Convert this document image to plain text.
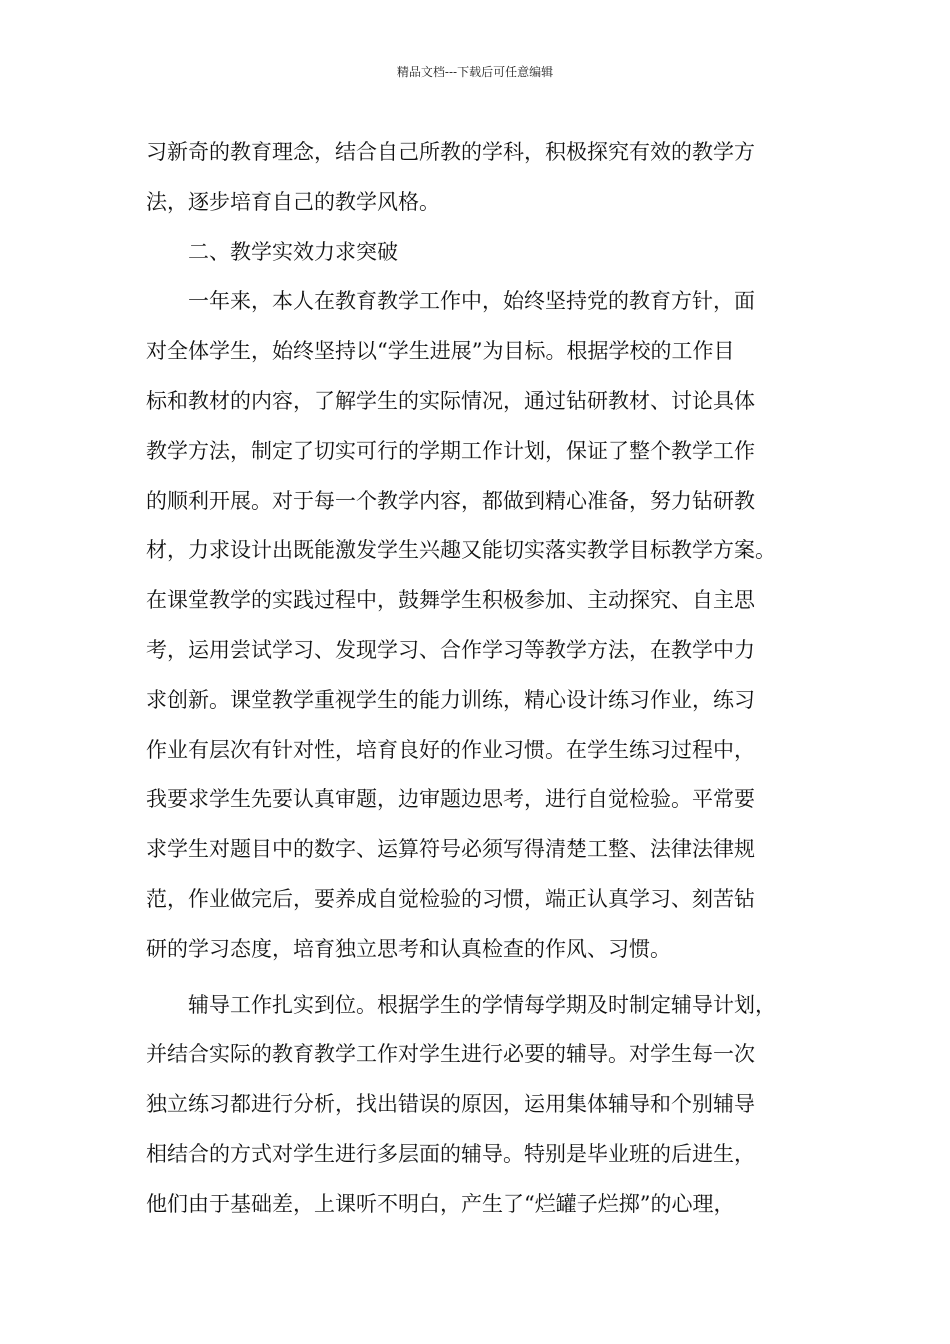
精品文档---下载后可任意编辑
习新奇的教育理念，结合自己所教的学科，积极探究有效的教学方
法，逐步培育自己的教学风格。
二、教学实效力求突破
一年来，本人在教育教学工作中，始终坚持党的教育方针，面
对全体学生，始终坚持以“学生进展”为目标。根据学校的工作目
标和教材的内容，了解学生的实际情况，通过钻研教材、讨论具体
教学方法，制定了切实可行的学期工作计划，保证了整个教学工作
的顺利开展。对于每一个教学内容，都做到精心准备，努力钻研教
材，力求设计出既能激发学生兴趣又能切实落实教学目标教学方案。
在课堂教学的实践过程中，鼓舞学生积极参加、主动探究、自主思
考，运用尝试学习、发现学习、合作学习等教学方法，在教学中力
求创新。课堂教学重视学生的能力训练，精心设计练习作业，练习
作业有层次有针对性，培育良好的作业习惯。在学生练习过程中，
我要求学生先要认真审题，边审题边思考，进行自觉检验。平常要
求学生对题目中的数字、运算符号必须写得清楚工整、法律法律规
范，作业做完后，要养成自觉检验的习惯，端正认真学习、刻苦钻
研的学习态度，培育独立思考和认真检查的作风、习惯。
辅导工作扎实到位。根据学生的学情每学期及时制定辅导计划，
并结合实际的教育教学工作对学生进行必要的辅导。对学生每一次
独立练习都进行分析，找出错误的原因，运用集体辅导和个别辅导
相结合的方式对学生进行多层面的辅导。特别是毕业班的后进生，
他们由于基础差，上课听不明白，产生了“烂罐子烂掷”的心理，
